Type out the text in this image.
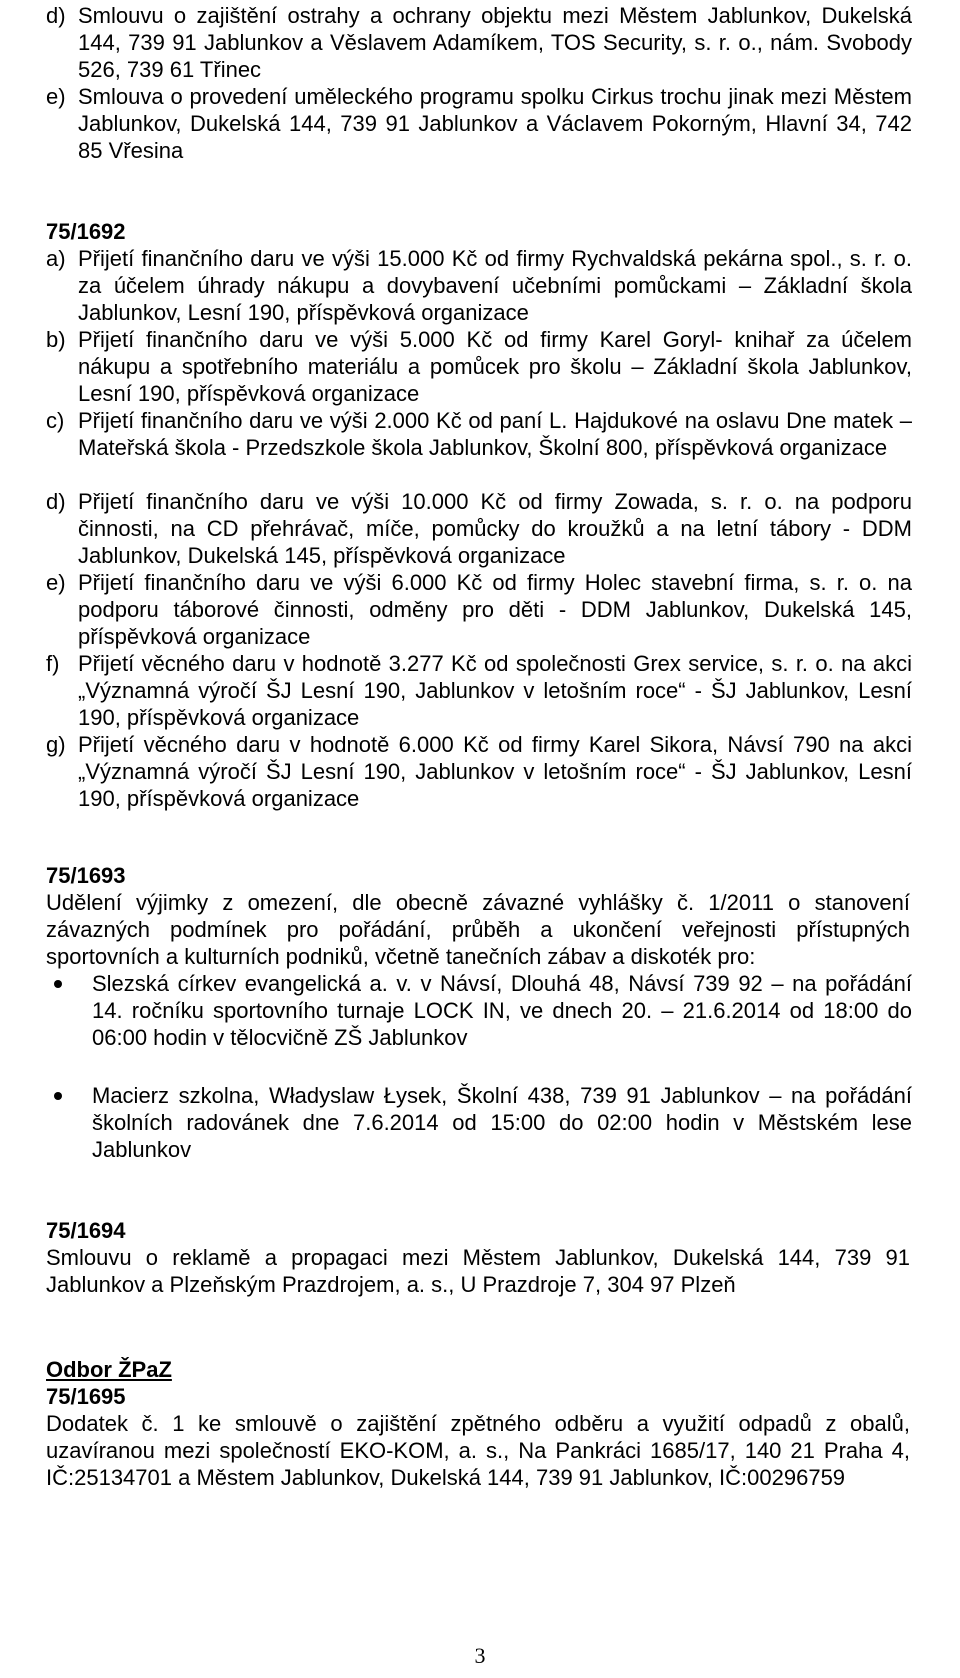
d) Smlouvu o zajištění ostrahy a ochrany objektu mezi Městem Jablunkov, Dukelská 144, 739 91 Jablunkov a Věslavem Adamíkem, TOS Security, s. r. o., nám. Svobody 526, 739 61 Třinec
e) Smlouva o provedení uměleckého programu spolku Cirkus trochu jinak mezi Městem Jablunkov, Dukelská 144, 739 91 Jablunkov a Václavem Pokorným, Hlavní 34, 742 85 Vřesina
75/1692
a) Přijetí finančního daru ve výši 15.000 Kč od firmy Rychvaldská pekárna spol., s. r. o. za účelem úhrady nákupu a dovybavení učebními pomůckami – Základní škola Jablunkov, Lesní 190, příspěvková organizace
b) Přijetí finančního daru ve výši 5.000 Kč od firmy Karel Goryl- knihař za účelem nákupu a spotřebního materiálu a pomůcek pro školu – Základní škola Jablunkov, Lesní 190, příspěvková organizace
c) Přijetí finančního daru ve výši 2.000 Kč od paní L. Hajdukové na oslavu Dne matek – Mateřská škola - Przedszkole škola Jablunkov, Školní 800, příspěvková organizace
d) Přijetí finančního daru ve výši 10.000 Kč od firmy Zowada, s. r. o. na podporu činnosti, na CD přehrávač, míče, pomůcky do kroužků a na letní tábory - DDM Jablunkov, Dukelská 145, příspěvková organizace
e) Přijetí finančního daru ve výši 6.000 Kč od firmy Holec stavební firma, s. r. o. na podporu táborové činnosti, odměny pro děti - DDM Jablunkov, Dukelská 145, příspěvková organizace
f) Přijetí věcného daru v hodnotě 3.277 Kč od společnosti Grex service, s. r. o. na akci „Významná výročí ŠJ Lesní 190, Jablunkov v letošním roce“ - ŠJ Jablunkov, Lesní 190, příspěvková organizace
g) Přijetí věcného daru v hodnotě 6.000 Kč od firmy Karel Sikora, Návsí 790 na akci „Významná výročí ŠJ Lesní 190, Jablunkov v letošním roce“ - ŠJ Jablunkov, Lesní 190, příspěvková organizace
75/1693
Udělení výjimky z omezení, dle obecně závazné vyhlášky č. 1/2011 o stanovení závazných podmínek pro pořádání, průběh a ukončení veřejnosti přístupných sportovních a kulturních podniků, včetně tanečních zábav a diskoték pro:
Slezská církev evangelická a. v. v Návsí, Dlouhá 48, Návsí 739 92 – na pořádání 14. ročníku sportovního turnaje LOCK IN, ve dnech 20. – 21.6.2014 od 18:00 do 06:00 hodin v tělocvičně ZŠ Jablunkov
Macierz szkolna, Władyslaw Łysek, Školní 438, 739 91 Jablunkov – na pořádání školních radovánek dne 7.6.2014 od 15:00 do 02:00 hodin v Městském lese Jablunkov
75/1694
Smlouvu o reklamě a propagaci mezi Městem Jablunkov, Dukelská 144, 739 91 Jablunkov a Plzeňským Prazdrojem, a. s., U Prazdroje 7, 304 97 Plzeň
Odbor ŽPaZ
75/1695
Dodatek č. 1 ke smlouvě o zajištění zpětného odběru a využití odpadů z obalů, uzavíranou mezi společností EKO-KOM, a. s., Na Pankráci 1685/17, 140 21 Praha 4, IČ:25134701 a Městem Jablunkov, Dukelská 144, 739 91 Jablunkov, IČ:00296759
3
